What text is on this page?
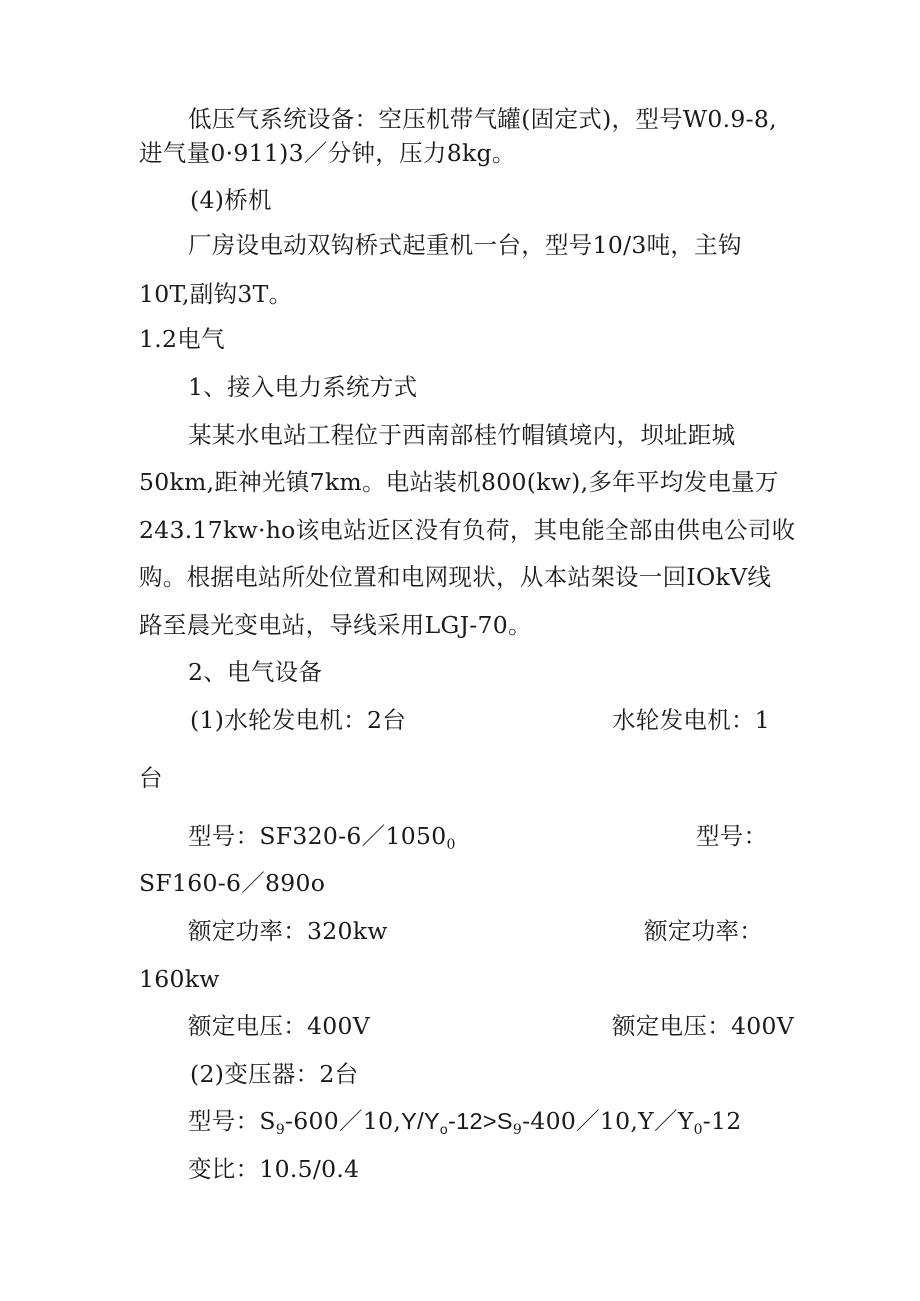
低压气系统设备：空压机带气罐(固定式)，型号W0.9-8,
进气量0·911)3／分钟，压力8kg。
(4)桥机
厂房设电动双钩桥式起重机一台，型号10/3吨，主钩
10T,副钩3T。
1.2电气
1、接入电力系统方式
某某水电站工程位于西南部桂竹帽镇境内，坝址距城
50km,距神光镇7km。电站装机800(kw),多年平均发电量万
243.17kw·ho该电站近区没有负荷，其电能全部由供电公司收
购。根据电站所处位置和电网现状，从本站架设一回IOkV线
路至晨光变电站，导线采用LGJ-70。
2、电气设备
(1)水轮发电机：2台	水轮发电机：1
台
型号：$SF320-6/1050_0$	型号：
SF160-6／890o
额定功率：320kw	额定功率：
160kw
额定电压：400V	额定电压：400V
(2)变压器：2台
型号：$S_9-600/10,Y/Y_o-12>S_9-400/10,Y/Y_0-12$
变比：10.5/0.4
